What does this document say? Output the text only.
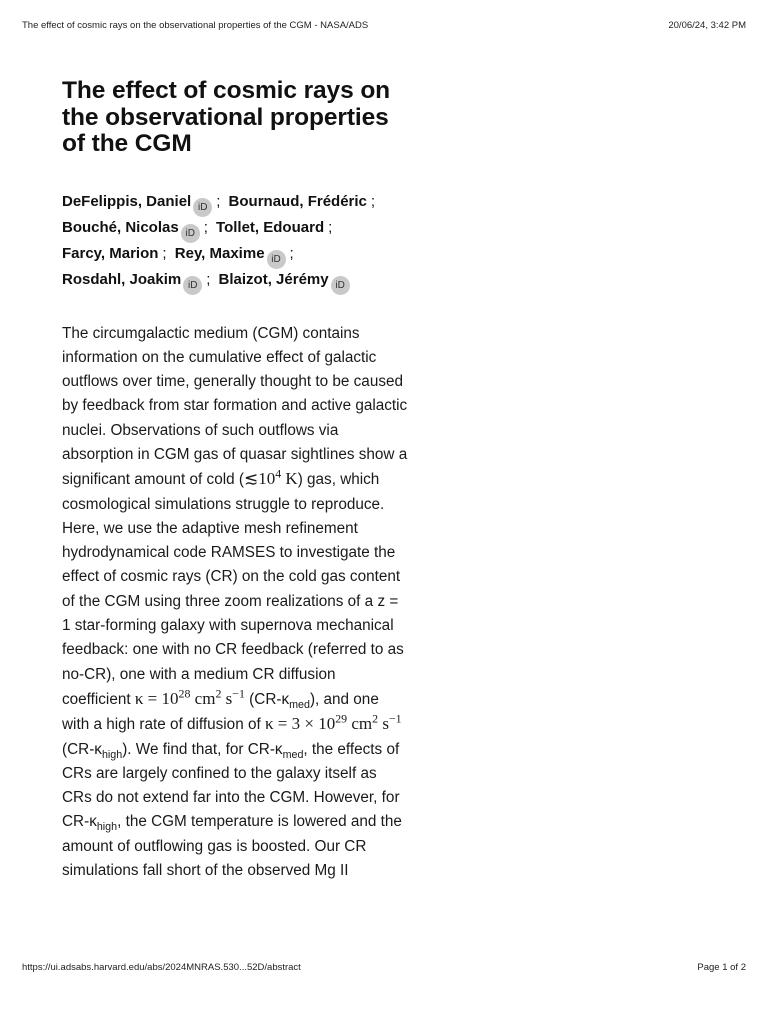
The effect of cosmic rays on the observational properties of the CGM - NASA/ADS	20/06/24, 3:42 PM
The effect of cosmic rays on the observational properties of the CGM
DeFelippis, Daniel iD ; Bournaud, Frédéric ;
Bouché, Nicolas iD ; Tollet, Edouard ;
Farcy, Marion ; Rey, Maxime iD ;
Rosdahl, Joakim iD ; Blaizot, Jérémy iD
The circumgalactic medium (CGM) contains information on the cumulative effect of galactic outflows over time, generally thought to be caused by feedback from star formation and active galactic nuclei. Observations of such outflows via absorption in CGM gas of quasar sightlines show a significant amount of cold ($≲10^4$ K) gas, which cosmological simulations struggle to reproduce. Here, we use the adaptive mesh refinement hydrodynamical code RAMSES to investigate the effect of cosmic rays (CR) on the cold gas content of the CGM using three zoom realizations of a z = 1 star-forming galaxy with supernova mechanical feedback: one with no CR feedback (referred to as no-CR), one with a medium CR diffusion coefficient $\kappa = 10^{28}$ $cm^2$ $s^{-1}$ $(CR-\kappa_{med})$, and one with a high rate of diffusion of $\kappa = 3 \times 10^{29}$ $cm^2$ $s^{-1}$ $(CR-\kappa_{high})$. We find that, for $CR-\kappa_{med}$, the effects of CRs are largely confined to the galaxy itself as CRs do not extend far into the CGM. However, for $CR-\kappa_{high}$, the CGM temperature is lowered and the amount of outflowing gas is boosted. Our CR simulations fall short of the observed Mg II
https://ui.adsabs.harvard.edu/abs/2024MNRAS.530...52D/abstract	Page 1 of 2
